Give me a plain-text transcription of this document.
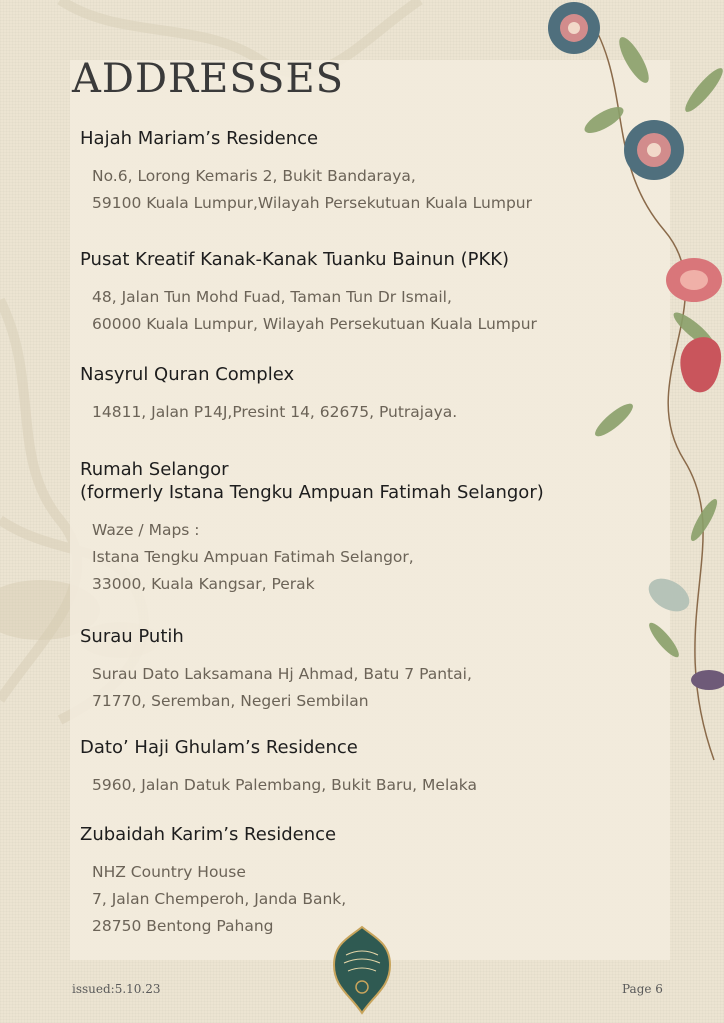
ADDRESSES
Hajah Mariam’s Residence
No.6, Lorong Kemaris 2, Bukit Bandaraya,
59100 Kuala Lumpur,Wilayah Persekutuan Kuala Lumpur
Pusat Kreatif Kanak-Kanak Tuanku Bainun (PKK)
48, Jalan Tun Mohd Fuad, Taman Tun Dr Ismail,
60000 Kuala Lumpur, Wilayah Persekutuan Kuala Lumpur
Nasyrul Quran Complex
14811, Jalan P14J,Presint 14, 62675, Putrajaya.
Rumah Selangor
(formerly Istana Tengku Ampuan Fatimah Selangor)
Waze / Maps :
Istana Tengku Ampuan Fatimah Selangor,
33000, Kuala Kangsar, Perak
Surau Putih
Surau Dato Laksamana Hj Ahmad, Batu 7 Pantai,
71770, Seremban, Negeri Sembilan
Dato’ Haji Ghulam’s Residence
5960, Jalan Datuk Palembang, Bukit Baru, Melaka
Zubaidah Karim’s Residence
NHZ Country House
7, Jalan Chemperoh, Janda Bank,
28750 Bentong Pahang
issued:5.10.23	Page 6
